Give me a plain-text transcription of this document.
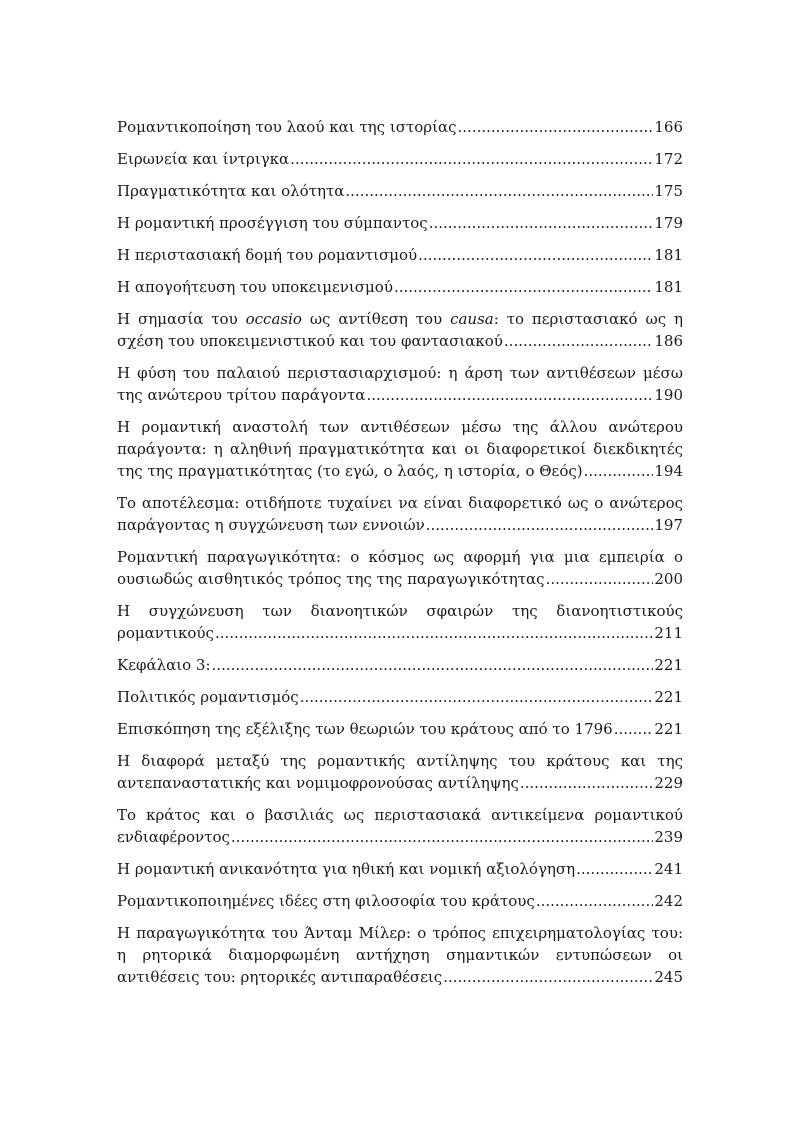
Ρομαντικοποίηση του λαού και της ιστορίας .....	166
Ειρωνεία και ίντριγκα .....	172
Πραγματικότητα και ολότητα .....	175
Η ρομαντική προσέγγιση του σύμπαντος .....	179
Η περιστασιακή δομή του ρομαντισμού .....	181
Η απογοήτευση του υποκειμενισμού .....	181
Η σημασία του occasio ως αντίθεση του causa: το περιστασιακό ως η
σχέση του υποκειμενιστικού και του φαντασιακού .....	186
Η φύση του παλαιού περιστασιαρχισμού: η άρση των αντιθέσεων μέσω
της ανώτερου τρίτου παράγοντα .....	190
Η ρομαντική αναστολή των αντιθέσεων μέσω της άλλου ανώτερου
παράγοντα: η αληθινή πραγματικότητα και οι διαφορετικοί διεκδικητές
της της πραγματικότητας (το εγώ, ο λαός, η ιστορία, ο Θεός) .....	194
Το αποτέλεσμα: οτιδήποτε τυχαίνει να είναι διαφορετικό ως ο ανώτερος
παράγοντας η συγχώνευση των εννοιών .....	197
Ρομαντική παραγωγικότητα: ο κόσμος ως αφορμή για μια εμπειρία ο
ουσιωδώς αισθητικός τρόπος της της παραγωγικότητας .....	200
Η συγχώνευση των διανοητικών σφαιρών της διανοητιστικούς
ρομαντικούς .....	211
Κεφάλαιο 3: .....	221
Πολιτικός ρομαντισμός .....	221
Επισκόπηση της εξέλιξης των θεωριών του κράτους από το 1796 .....	221
Η διαφορά μεταξύ της ρομαντικής αντίληψης του κράτους και της
αντεπαναστατικής και νομιμοφρονούσας αντίληψης .....	229
Το κράτος και ο βασιλιάς ως περιστασιακά αντικείμενα ρομαντικού
ενδιαφέροντος .....	239
Η ρομαντική ανικανότητα για ηθική και νομική αξιολόγηση .....	241
Ρομαντικοποιημένες ιδέες στη φιλοσοφία του κράτους .....	242
Η παραγωγικότητα του Άνταμ Μίλερ: ο τρόπος επιχειρηματολογίας του:
η ρητορικά διαμορφωμένη αντήχηση σημαντικών εντυπώσεων οι
αντιθέσεις του: ρητορικές αντιπαραθέσεις .....	245
